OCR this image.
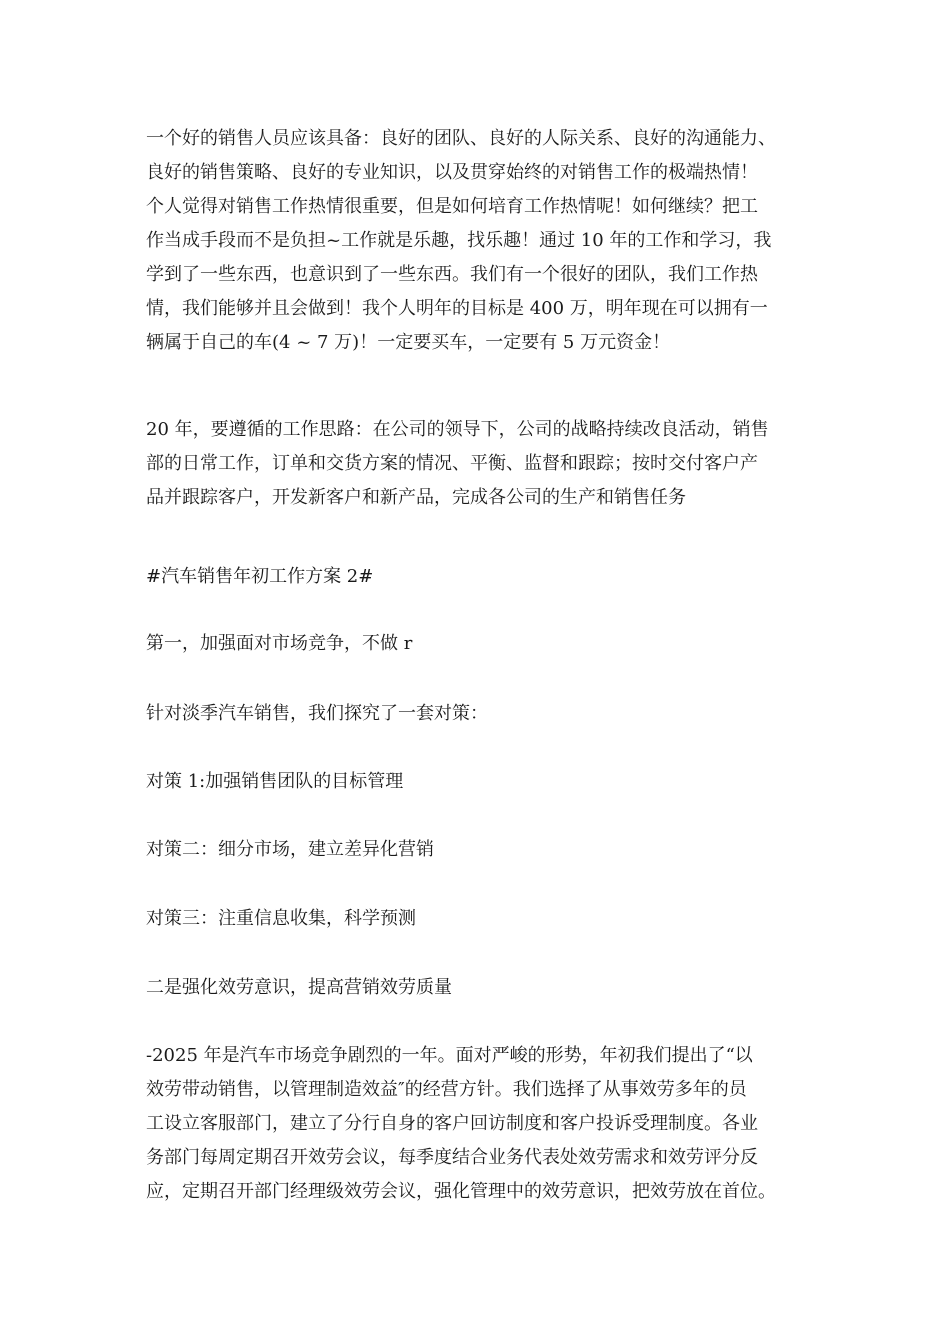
一个好的销售人员应该具备：良好的团队、良好的人际关系、良好的沟通能力、
良好的销售策略、良好的专业知识，以及贯穿始终的对销售工作的极端热情！
个人觉得对销售工作热情很重要，但是如何培育工作热情呢！如何继续？把工
作当成手段而不是负担~工作就是乐趣，找乐趣！通过 10 年的工作和学习，我
学到了一些东西，也意识到了一些东西。我们有一个很好的团队，我们工作热
情，我们能够并且会做到！我个人明年的目标是 400 万，明年现在可以拥有一
辆属于自己的车(4 ~ 7 万)！一定要买车，一定要有 5 万元资金！
20 年，要遵循的工作思路：在公司的领导下，公司的战略持续改良活动，销售
部的日常工作，订单和交货方案的情况、平衡、监督和跟踪；按时交付客户产
品并跟踪客户，开发新客户和新产品，完成各公司的生产和销售任务
#汽车销售年初工作方案 2#
第一，加强面对市场竞争，不做 r
针对淡季汽车销售，我们探究了一套对策：
对策 1:加强销售团队的目标管理
对策二：细分市场，建立差异化营销
对策三：注重信息收集，科学预测
二是强化效劳意识，提高营销效劳质量
-2025 年是汽车市场竞争剧烈的一年。面对严峻的形势，年初我们提出了“以
效劳带动销售，以管理制造效益″的经营方针。我们选择了从事效劳多年的员
工设立客服部门，建立了分行自身的客户回访制度和客户投诉受理制度。各业
务部门每周定期召开效劳会议，每季度结合业务代表处效劳需求和效劳评分反
应，定期召开部门经理级效劳会议，强化管理中的效劳意识，把效劳放在首位。
